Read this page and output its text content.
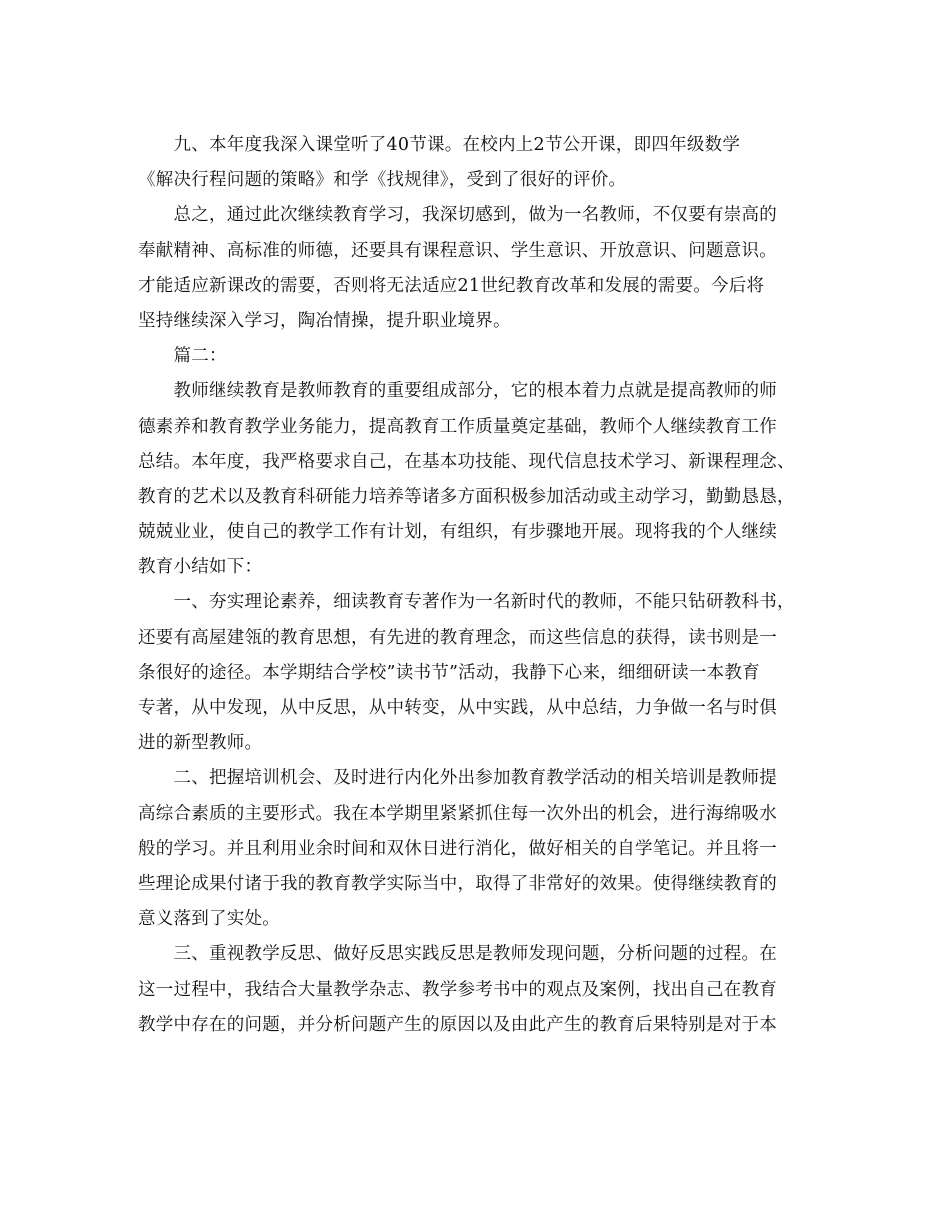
　　九、本年度我深入课堂听了40节课。在校内上2节公开课，即四年级数学
《解决行程问题的策略》和学《找规律》，受到了很好的评价。
　　总之，通过此次继续教育学习，我深切感到，做为一名教师，不仅要有崇高的
奉献精神、高标准的师德，还要具有课程意识、学生意识、开放意识、问题意识。
才能适应新课改的需要，否则将无法适应21世纪教育改革和发展的需要。今后将
坚持继续深入学习，陶冶情操，提升职业境界。
　　篇二：
　　教师继续教育是教师教育的重要组成部分，它的根本着力点就是提高教师的师
德素养和教育教学业务能力，提高教育工作质量奠定基础，教师个人继续教育工作
总结。本年度，我严格要求自己，在基本功技能、现代信息技术学习、新课程理念、
教育的艺术以及教育科研能力培养等诸多方面积极参加活动或主动学习，勤勤恳恳，
兢兢业业，使自己的教学工作有计划，有组织，有步骤地开展。现将我的个人继续
教育小结如下：
　　一、夯实理论素养，细读教育专著作为一名新时代的教师，不能只钻研教科书，
还要有高屋建瓴的教育思想，有先进的教育理念，而这些信息的获得，读书则是一
条很好的途径。本学期结合学校”读书节”活动，我静下心来，细细研读一本教育
专著，从中发现，从中反思，从中转变，从中实践，从中总结，力争做一名与时俱
进的新型教师。
　　二、把握培训机会、及时进行内化外出参加教育教学活动的相关培训是教师提
高综合素质的主要形式。我在本学期里紧紧抓住每一次外出的机会，进行海绵吸水
般的学习。并且利用业余时间和双休日进行消化，做好相关的自学笔记。并且将一
些理论成果付诸于我的教育教学实际当中，取得了非常好的效果。使得继续教育的
意义落到了实处。
　　三、重视教学反思、做好反思实践反思是教师发现问题，分析问题的过程。在
这一过程中，我结合大量教学杂志、教学参考书中的观点及案例，找出自己在教育
教学中存在的问题，并分析问题产生的原因以及由此产生的教育后果特别是对于本
